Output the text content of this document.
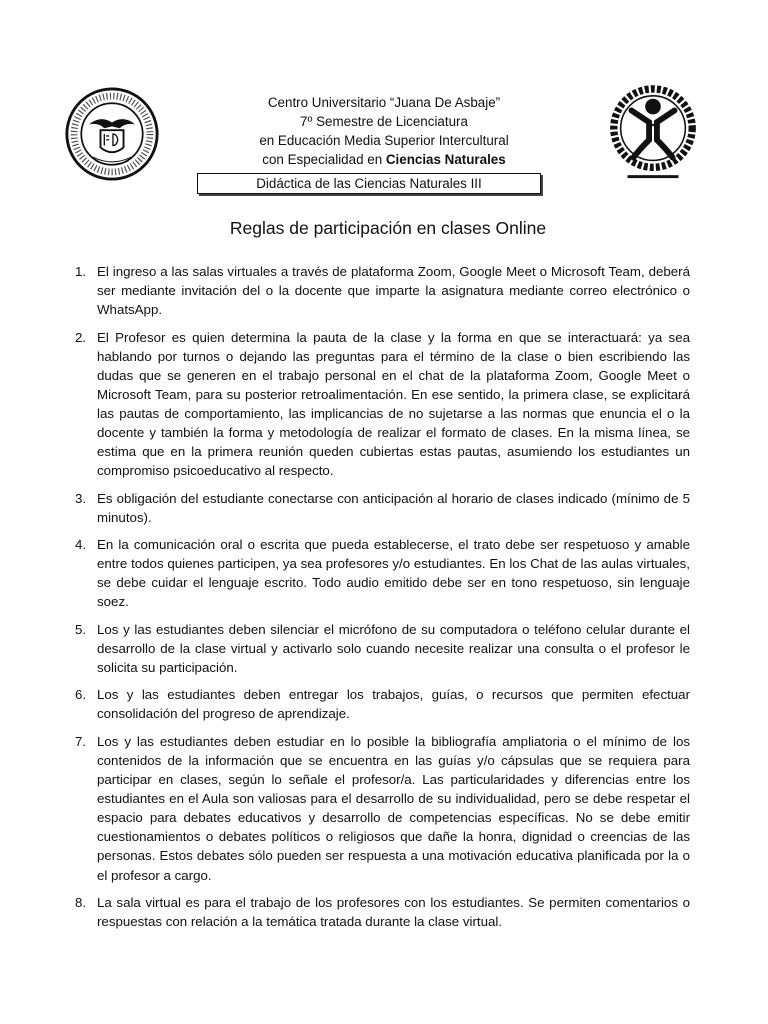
Centro Universitario “Juana De Asbaje”
7º Semestre de Licenciatura
en Educación Media Superior Intercultural
con Especialidad en Ciencias Naturales
Didáctica de las Ciencias Naturales III
Reglas de participación en clases Online
1. El ingreso a las salas virtuales a través de plataforma Zoom, Google Meet o Microsoft Team, deberá ser mediante invitación del o la docente que imparte la asignatura mediante correo electrónico o WhatsApp.
2. El Profesor es quien determina la pauta de la clase y la forma en que se interactuará: ya sea hablando por turnos o dejando las preguntas para el término de la clase o bien escribiendo las dudas que se generen en el trabajo personal en el chat de la plataforma Zoom, Google Meet o Microsoft Team, para su posterior retroalimentación. En ese sentido, la primera clase, se explicitará las pautas de comportamiento, las implicancias de no sujetarse a las normas que enuncia el o la docente y también la forma y metodología de realizar el formato de clases. En la misma línea, se estima que en la primera reunión queden cubiertas estas pautas, asumiendo los estudiantes un compromiso psicoeducativo al respecto.
3. Es obligación del estudiante conectarse con anticipación al horario de clases indicado (mínimo de 5 minutos).
4. En la comunicación oral o escrita que pueda establecerse, el trato debe ser respetuoso y amable entre todos quienes participen, ya sea profesores y/o estudiantes. En los Chat de las aulas virtuales, se debe cuidar el lenguaje escrito. Todo audio emitido debe ser en tono respetuoso, sin lenguaje soez.
5. Los y las estudiantes deben silenciar el micrófono de su computadora o teléfono celular durante el desarrollo de la clase virtual y activarlo solo cuando necesite realizar una consulta o el profesor le solicita su participación.
6. Los y las estudiantes deben entregar los trabajos, guías, o recursos que permiten efectuar consolidación del progreso de aprendizaje.
7. Los y las estudiantes deben estudiar en lo posible la bibliografía ampliatoria o el mínimo de los contenidos de la información que se encuentra en las guías y/o cápsulas que se requiera para participar en clases, según lo señale el profesor/a. Las particularidades y diferencias entre los estudiantes en el Aula son valiosas para el desarrollo de su individualidad, pero se debe respetar el espacio para debates educativos y desarrollo de competencias específicas. No se debe emitir cuestionamientos o debates políticos o religiosos que dañe la honra, dignidad o creencias de las personas. Estos debates sólo pueden ser respuesta a una motivación educativa planificada por la o el profesor a cargo.
8. La sala virtual es para el trabajo de los profesores con los estudiantes. Se permiten comentarios o respuestas con relación a la temática tratada durante la clase virtual.
